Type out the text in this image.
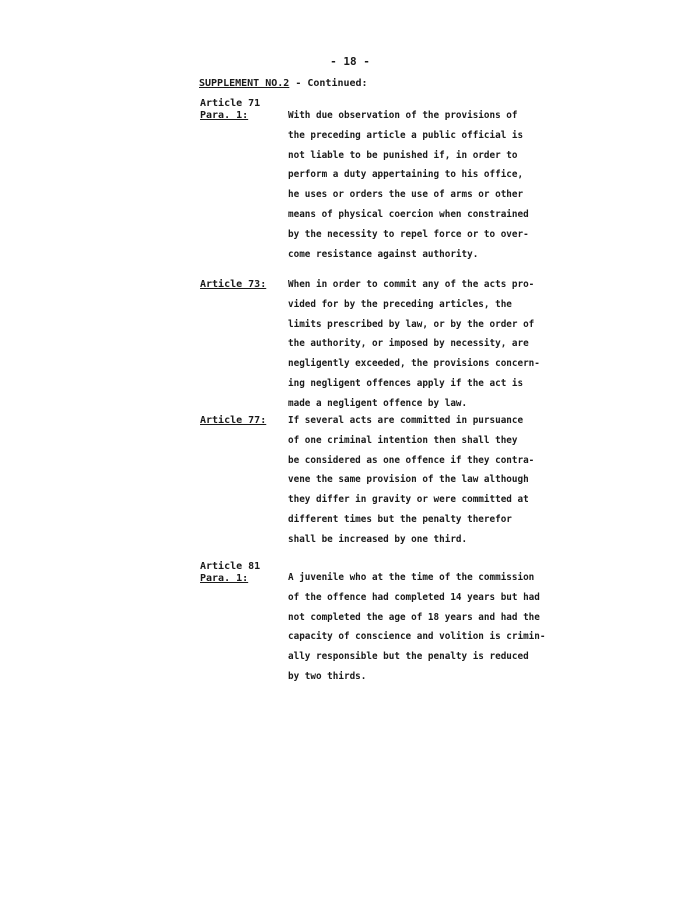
- 18 -
SUPPLEMENT NO.2 - Continued:
Article 71
Para. 1:	With due observation of the provisions of
the preceding article a public official is
not liable to be punished if, in order to
perform a duty appertaining to his office,
he uses or orders the use of arms or other
means of physical coercion when constrained
by the necessity to repel force or to over-
come resistance against authority.
Article 73: When in order to commit any of the acts pro-
vided for by the preceding articles, the
limits prescribed by law, or by the order of
the authority, or imposed by necessity, are
negligently exceeded, the provisions concern-
ing negligent offences apply if the act is
made a negligent offence by law.
Article 77: If several acts are committed in pursuance
of one criminal intention then shall they
be considered as one offence if they contra-
vene the same provision of the law although
they differ in gravity or were committed at
different times but the penalty therefor
shall be increased by one third.
Article 81
Para. 1:	A juvenile who at the time of the commission
of the offence had completed 14 years but had
not completed the age of 18 years and had the
capacity of conscience and volition is crimin-
ally responsible but the penalty is reduced
by two thirds.
